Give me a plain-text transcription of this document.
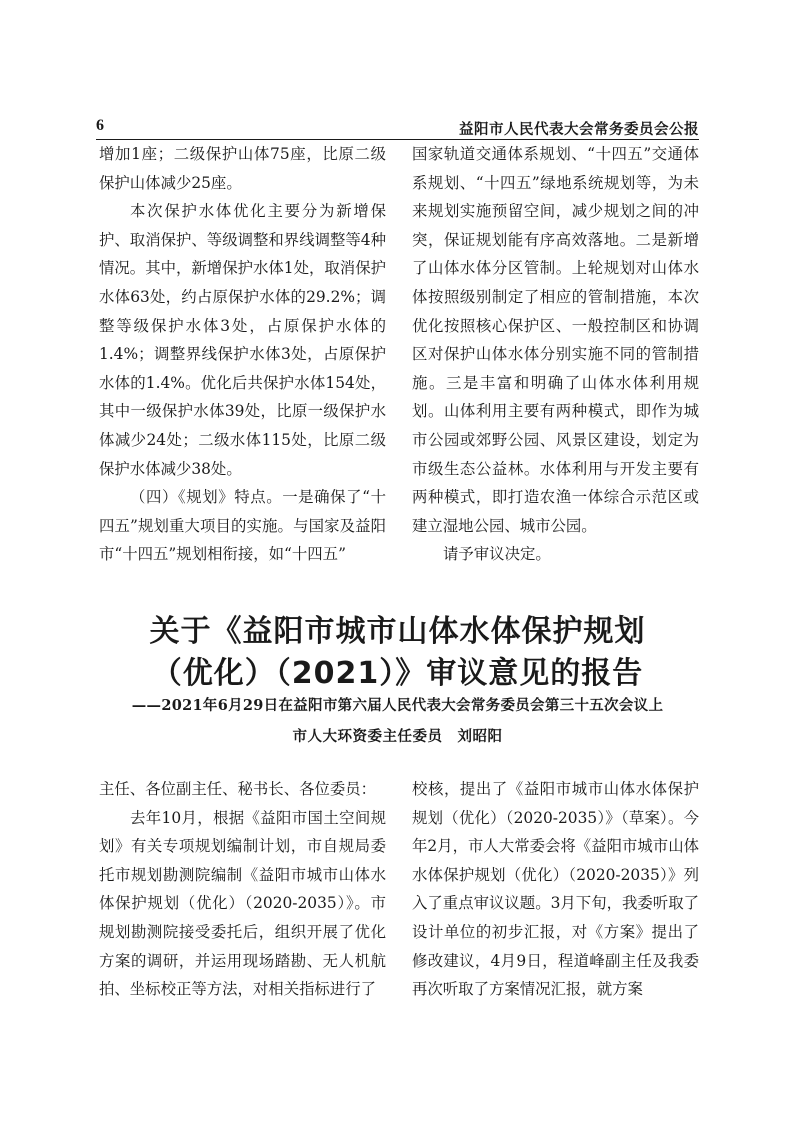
6	益阳市人民代表大会常务委员会公报

增加1座；二级保护山体75座，比原二级保护山体减少25座。

本次保护水体优化主要分为新增保护、取消保护、等级调整和界线调整等4种情况。其中，新增保护水体1处，取消保护水体63处，约占原保护水体的29.2%；调整等级保护水体3处，占原保护水体的1.4%；调整界线保护水体3处，占原保护水体的1.4%。优化后共保护水体154处，其中一级保护水体39处，比原一级保护水体减少24处；二级水体115处，比原二级保护水体减少38处。

（四）《规划》特点。一是确保了“十四五”规划重大项目的实施。与国家及益阳市“十四五”规划相衔接，如“十四五”

国家轨道交通体系规划、“十四五”交通体系规划、“十四五”绿地系统规划等，为未来规划实施预留空间，减少规划之间的冲突，保证规划能有序高效落地。二是新增了山体水体分区管制。上轮规划对山体水体按照级别制定了相应的管制措施，本次优化按照核心保护区、一般控制区和协调区对保护山体水体分别实施不同的管制措施。三是丰富和明确了山体水体利用规划。山体利用主要有两种模式，即作为城市公园或郊野公园、风景区建设，划定为市级生态公益林。水体利用与开发主要有两种模式，即打造农渔一体综合示范区或建立湿地公园、城市公园。

请予审议决定。

关于《益阳市城市山体水体保护规划
（优化）（2021）》审议意见的报告
——2021年6月29日在益阳市第六届人民代表大会常务委员会第三十五次会议上
市人大环资委主任委员　刘昭阳

主任、各位副主任、秘书长、各位委员：

去年10月，根据《益阳市国土空间规划》有关专项规划编制计划，市自规局委托市规划勘测院编制《益阳市城市山体水体保护规划（优化）（2020-2035）》。市规划勘测院接受委托后，组织开展了优化方案的调研，并运用现场踏勘、无人机航拍、坐标校正等方法，对相关指标进行了

校核，提出了《益阳市城市山体水体保护规划（优化）（2020-2035）》（草案）。今年2月，市人大常委会将《益阳市城市山体水体保护规划（优化）（2020-2035）》列入了重点审议议题。3月下旬，我委听取了设计单位的初步汇报，对《方案》提出了修改建议，4月9日，程道峰副主任及我委再次听取了方案情况汇报，就方案
